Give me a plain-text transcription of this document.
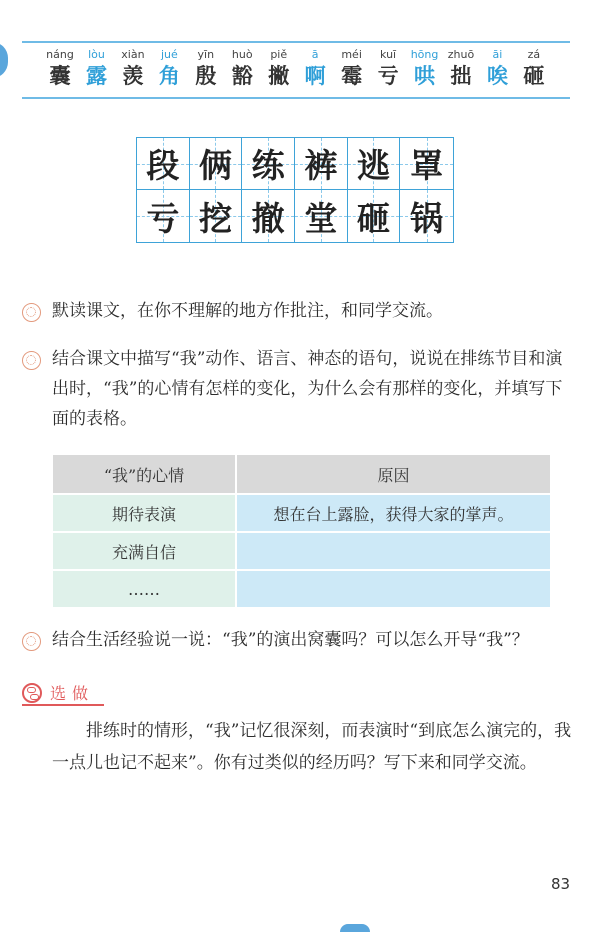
náng
囊
lòu
露
xiàn
羡
jué
角
yīn
殷
huò
豁
piě
撇
ā
啊
méi
霉
kuī
亏
hōng
哄
zhuō
拙
āi
唉
zá
砸
段 俩 练 裤 逃 罩
亏 挖 撤 堂 砸 锅
默读课文，在你不理解的地方作批注，和同学交流。
结合课文中描写“我”动作、语言、神态的语句，说说在排练节目和演出时，“我”的心情有怎样的变化，为什么会有那样的变化，并填写下面的表格。
“我”的心情	原因
期待表演	想在台上露脸，获得大家的掌声。
充满自信
……
结合生活经验说一说：“我”的演出窝囊吗？可以怎么开导“我”？
选做
排练时的情形，“我”记忆很深刻，而表演时“到底怎么演完的，我一点儿也记不起来”。你有过类似的经历吗？写下来和同学交流。
83
